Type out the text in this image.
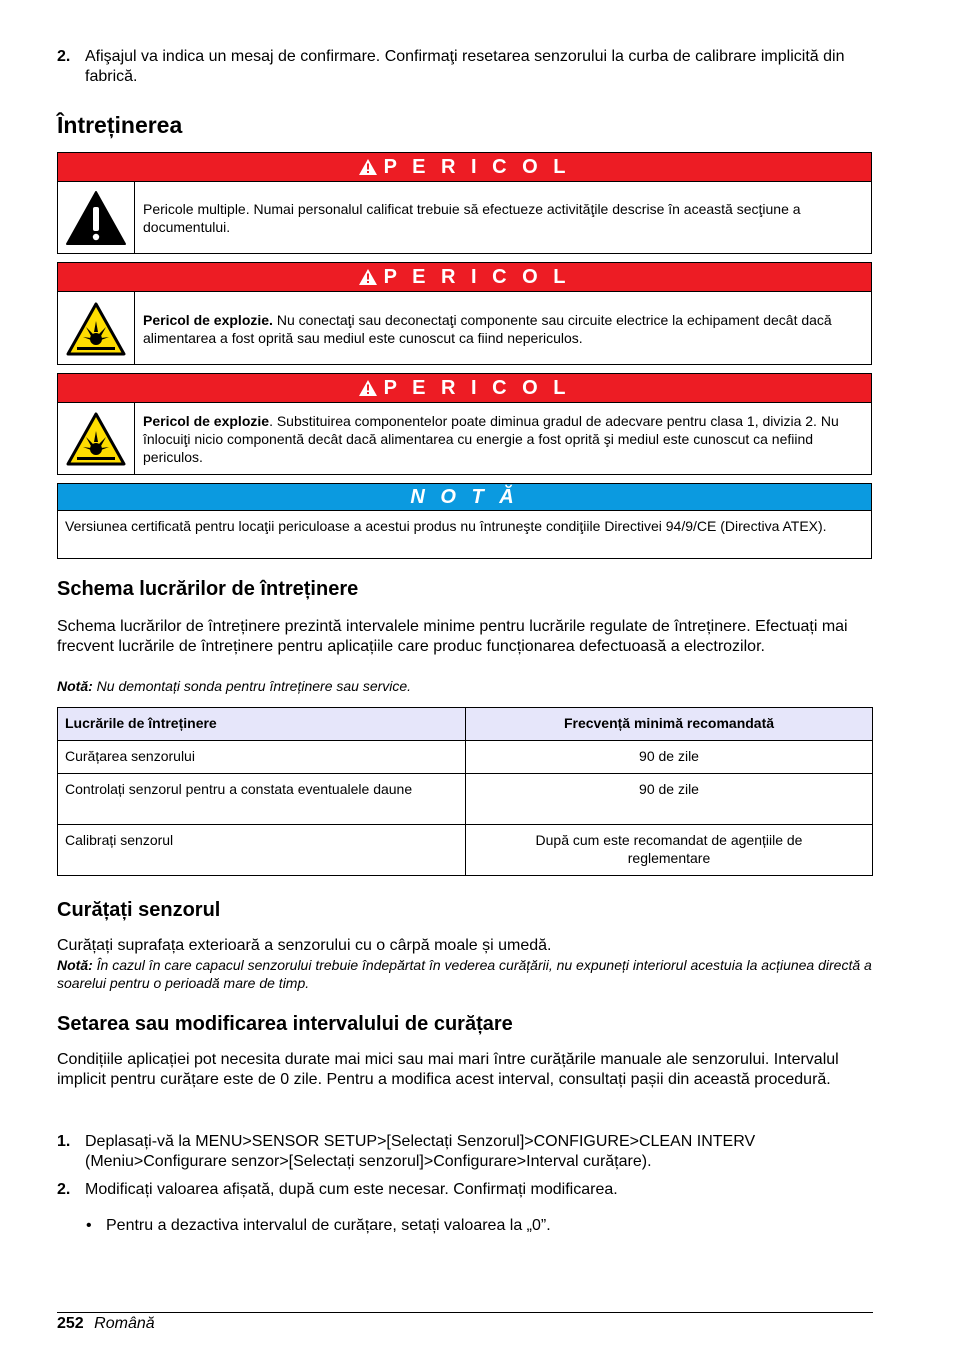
2. Afişajul va indica un mesaj de confirmare. Confirmaţi resetarea senzorului la curba de calibrare implicită din fabrică.
Întreținerea
P E R I C O L
Pericole multiple. Numai personalul calificat trebuie să efectueze activităţile descrise în această secţiune a documentului.
P E R I C O L
Pericol de explozie. Nu conectaţi sau deconectaţi componente sau circuite electrice la echipament decât dacă alimentarea a fost oprită sau mediul este cunoscut ca fiind nepericulos.
P E R I C O L
Pericol de explozie. Substituirea componentelor poate diminua gradul de adecvare pentru clasa 1, divizia 2. Nu înlocuiţi nicio componentă decât dacă alimentarea cu energie a fost oprită şi mediul este cunoscut ca nefiind periculos.
N O T Ă
Versiunea certificată pentru locaţii periculoase a acestui produs nu întruneşte condiţiile Directivei 94/9/CE (Directiva ATEX).
Schema lucrărilor de întreținere
Schema lucrărilor de întreținere prezintă intervalele minime pentru lucrările regulate de întreținere. Efectuați mai frecvent lucrările de întreținere pentru aplicațiile care produc funcționarea defectuoasă a electrozilor.
Notă: Nu demontați sonda pentru întreținere sau service.
Lucrările de întreținere	Frecvență minimă recomandată
Curățarea senzorului	90 de zile
Controlați senzorul pentru a constata eventualele daune	90 de zile
Calibrați senzorul	După cum este recomandat de agențiile de reglementare
Curățați senzorul
Curățați suprafața exterioară a senzorului cu o cârpă moale și umedă.
Notă: În cazul în care capacul senzorului trebuie îndepărtat în vederea curățării, nu expuneți interiorul acestuia la acțiunea directă a soarelui pentru o perioadă mare de timp.
Setarea sau modificarea intervalului de curățare
Condițiile aplicației pot necesita durate mai mici sau mai mari între curățările manuale ale senzorului. Intervalul implicit pentru curățare este de 0 zile. Pentru a modifica acest interval, consultați pașii din această procedură.
1. Deplasați-vă la MENU>SENSOR SETUP>[Selectați Senzorul]>CONFIGURE>CLEAN INTERV (Meniu>Configurare senzor>[Selectați senzorul]>Configurare>Interval curățare).
2. Modificați valoarea afișată, după cum este necesar. Confirmați modificarea.
• Pentru a dezactiva intervalul de curățare, setați valoarea la „0”.
252 Română
